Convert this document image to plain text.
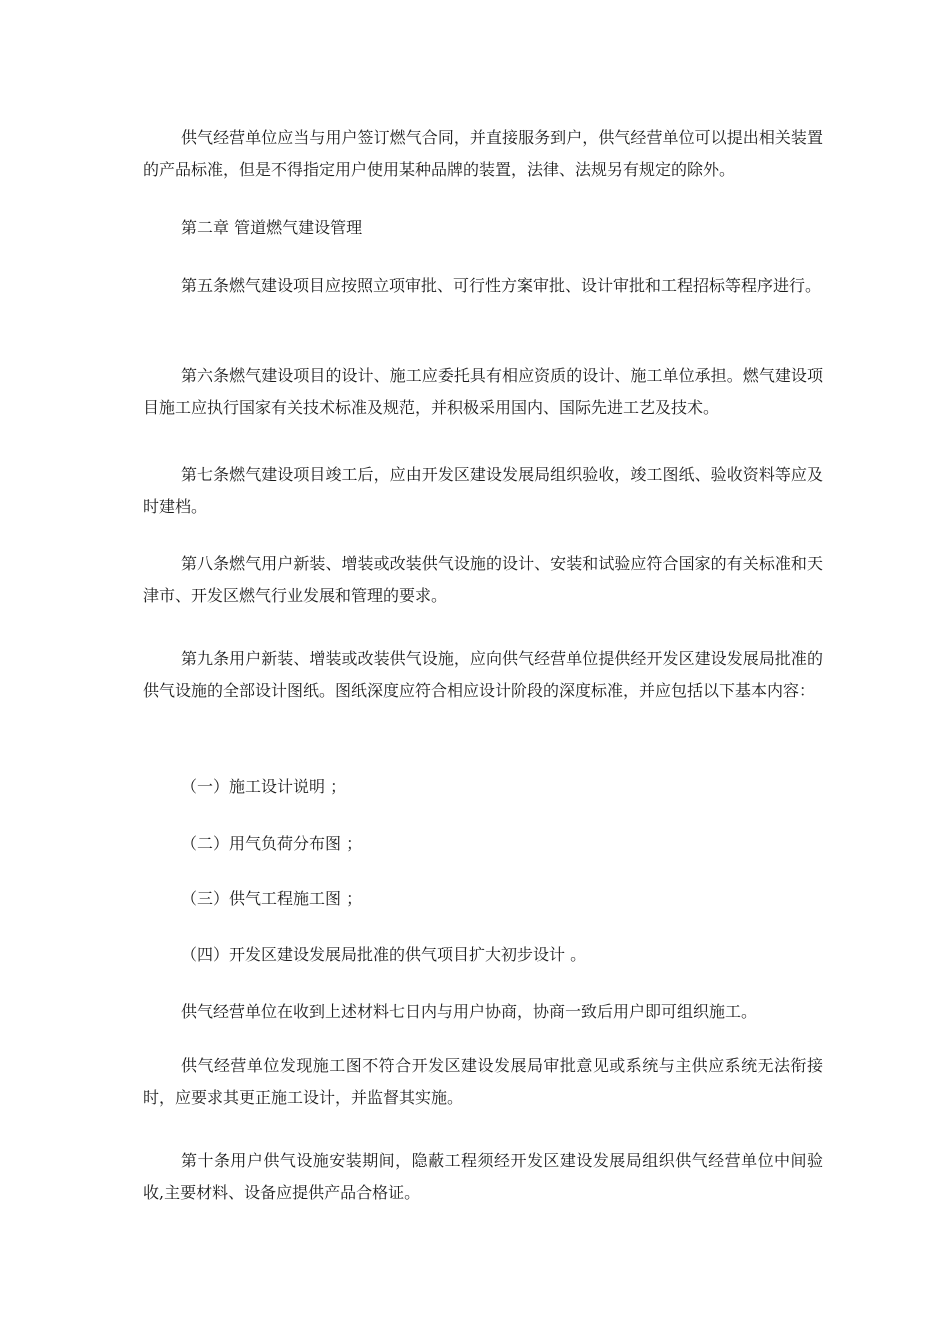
供气经营单位应当与用户签订燃气合同，并直接服务到户，供气经营单位可以提出相关装置的产品标准，但是不得指定用户使用某种品牌的装置，法律、法规另有规定的除外。

第二章 管道燃气建设管理

第五条燃气建设项目应按照立项审批、可行性方案审批、设计审批和工程招标等程序进行。

第六条燃气建设项目的设计、施工应委托具有相应资质的设计、施工单位承担。燃气建设项目施工应执行国家有关技术标准及规范，并积极采用国内、国际先进工艺及技术。

第七条燃气建设项目竣工后，应由开发区建设发展局组织验收，竣工图纸、验收资料等应及时建档。

第八条燃气用户新装、增装或改装供气设施的设计、安装和试验应符合国家的有关标准和天津市、开发区燃气行业发展和管理的要求。

第九条用户新装、增装或改装供气设施，应向供气经营单位提供经开发区建设发展局批准的供气设施的全部设计图纸。图纸深度应符合相应设计阶段的深度标准，并应包括以下基本内容：

（一）施工设计说明 ；

（二）用气负荷分布图 ；

（三）供气工程施工图 ；

（四）开发区建设发展局批准的供气项目扩大初步设计 。

供气经营单位在收到上述材料七日内与用户协商，协商一致后用户即可组织施工。

供气经营单位发现施工图不符合开发区建设发展局审批意见或系统与主供应系统无法衔接时，应要求其更正施工设计，并监督其实施。

第十条用户供气设施安装期间，隐蔽工程须经开发区建设发展局组织供气经营单位中间验收,主要材料、设备应提供产品合格证。
